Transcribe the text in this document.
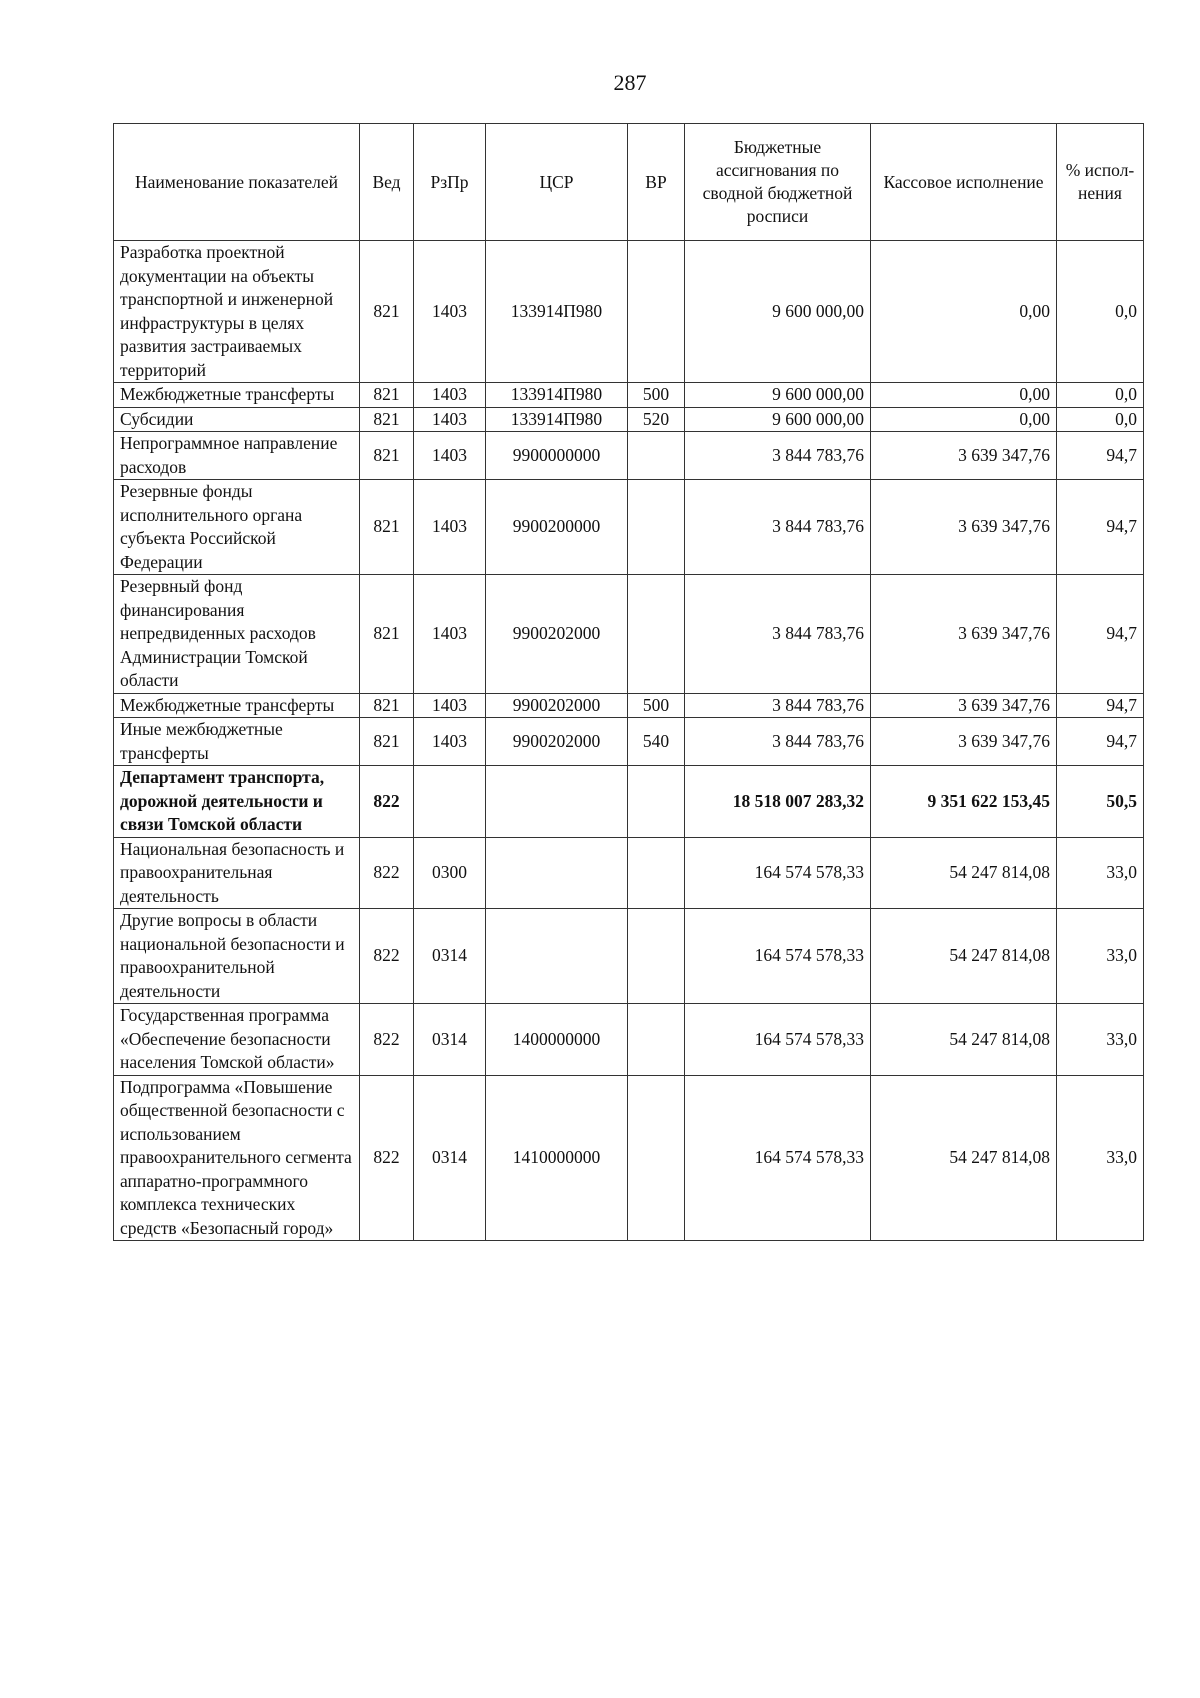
287
Наименование показателей	Вед	РзПр	ЦСР	ВР	Бюджетные ассигнования по сводной бюджетной росписи	Кассовое исполнение	% испол-нения
Разработка проектной документации на объекты транспортной и инженерной инфраструктуры в целях развития застраиваемых территорий	821	1403	133914П980		9 600 000,00	0,00	0,0
Межбюджетные трансферты	821	1403	133914П980	500	9 600 000,00	0,00	0,0
Субсидии	821	1403	133914П980	520	9 600 000,00	0,00	0,0
Непрограммное направление расходов	821	1403	9900000000		3 844 783,76	3 639 347,76	94,7
Резервные фонды исполнительного органа субъекта Российской Федерации	821	1403	9900200000		3 844 783,76	3 639 347,76	94,7
Резервный фонд финансирования непредвиденных расходов Администрации Томской области	821	1403	9900202000		3 844 783,76	3 639 347,76	94,7
Межбюджетные трансферты	821	1403	9900202000	500	3 844 783,76	3 639 347,76	94,7
Иные межбюджетные трансферты	821	1403	9900202000	540	3 844 783,76	3 639 347,76	94,7
Департамент транспорта, дорожной деятельности и связи Томской области	822				18 518 007 283,32	9 351 622 153,45	50,5
Национальная безопасность и правоохранительная деятельность	822	0300			164 574 578,33	54 247 814,08	33,0
Другие вопросы в области национальной безопасности и правоохранительной деятельности	822	0314			164 574 578,33	54 247 814,08	33,0
Государственная программа «Обеспечение безопасности населения Томской области»	822	0314	1400000000		164 574 578,33	54 247 814,08	33,0
Подпрограмма «Повышение общественной безопасности с использованием правоохранительного сегмента аппаратно-программного комплекса технических средств «Безопасный город»	822	0314	1410000000		164 574 578,33	54 247 814,08	33,0
